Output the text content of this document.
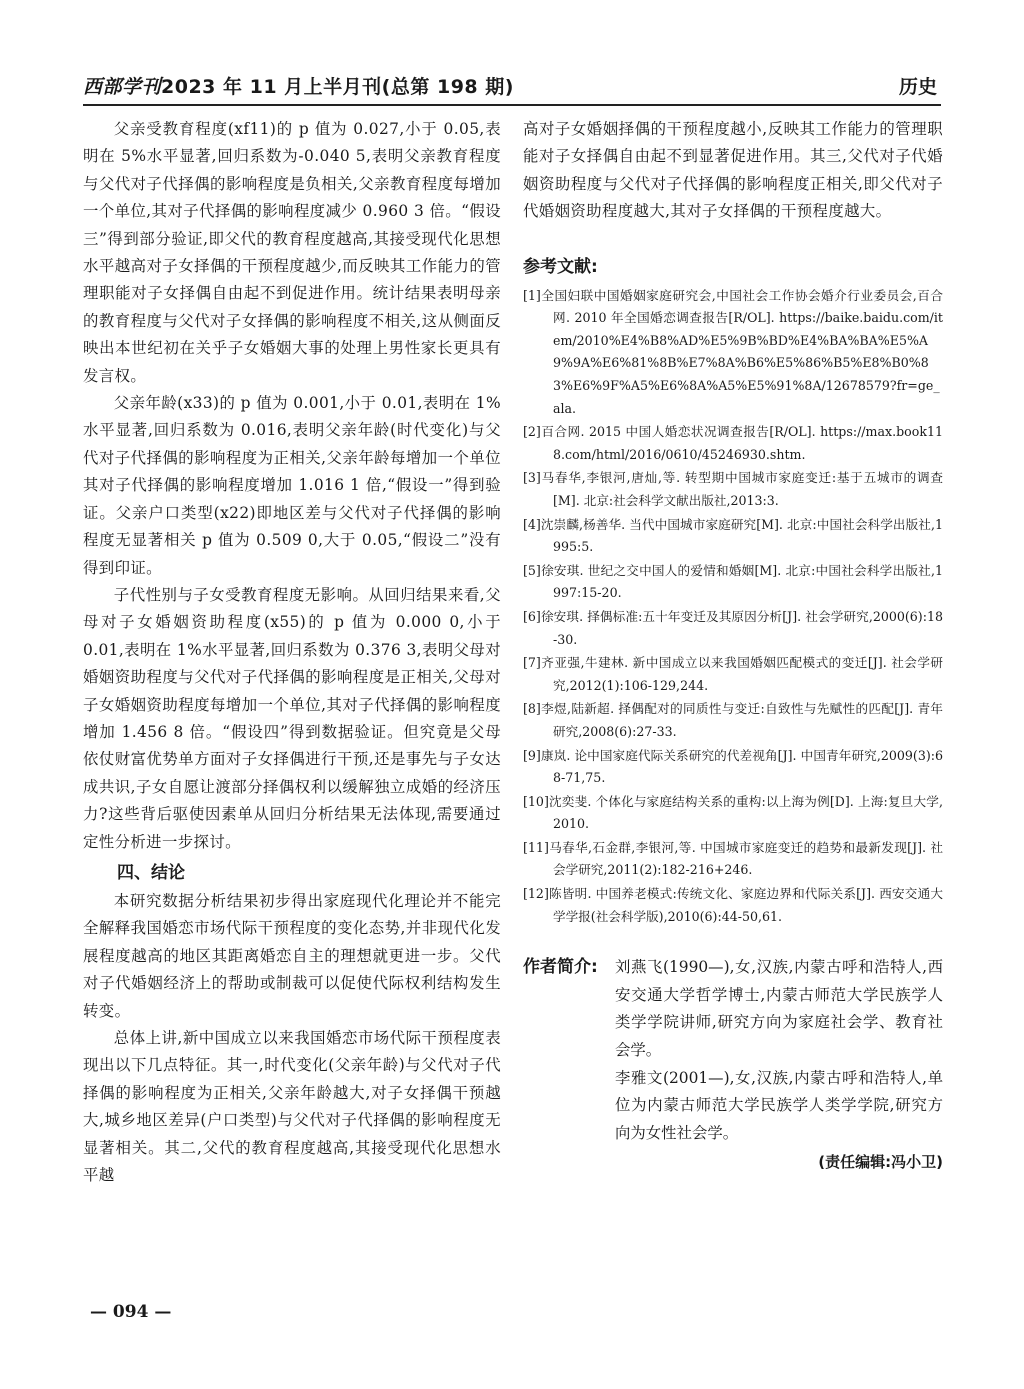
西部学刊2023 年 11 月上半月刊(总第 198 期)	历史

父亲受教育程度(xf11)的 p 值为 0.027,小于 0.05,表明在 5%水平显著,回归系数为-0.040 5,表明父亲教育程度与父代对子代择偶的影响程度是负相关,父亲教育程度每增加一个单位,其对子代择偶的影响程度减少 0.960 3 倍。“假设三”得到部分验证,即父代的教育程度越高,其接受现代化思想水平越高对子女择偶的干预程度越少,而反映其工作能力的管理职能对子女择偶自由起不到促进作用。统计结果表明母亲的教育程度与父代对子女择偶的影响程度不相关,这从侧面反映出本世纪初在关乎子女婚姻大事的处理上男性家长更具有发言权。

父亲年龄(x33)的 p 值为 0.001,小于 0.01,表明在 1%水平显著,回归系数为 0.016,表明父亲年龄(时代变化)与父代对子代择偶的影响程度为正相关,父亲年龄每增加一个单位其对子代择偶的影响程度增加 1.016 1 倍,“假设一”得到验证。父亲户口类型(x22)即地区差与父代对子代择偶的影响程度无显著相关 p 值为 0.509 0,大于 0.05,“假设二”没有得到印证。

子代性别与子女受教育程度无影响。从回归结果来看,父母对子女婚姻资助程度(x55)的 p 值为 0.000 0,小于 0.01,表明在 1%水平显著,回归系数为 0.376 3,表明父母对婚姻资助程度与父代对子代择偶的影响程度是正相关,父母对子女婚姻资助程度每增加一个单位,其对子代择偶的影响程度增加 1.456 8 倍。“假设四”得到数据验证。但究竟是父母依仗财富优势单方面对子女择偶进行干预,还是事先与子女达成共识,子女自愿让渡部分择偶权利以缓解独立成婚的经济压力?这些背后驱使因素单从回归分析结果无法体现,需要通过定性分析进一步探讨。

四、结论

本研究数据分析结果初步得出家庭现代化理论并不能完全解释我国婚恋市场代际干预程度的变化态势,并非现代化发展程度越高的地区其距离婚恋自主的理想就更进一步。父代对子代婚姻经济上的帮助或制裁可以促使代际权利结构发生转变。

总体上讲,新中国成立以来我国婚恋市场代际干预程度表现出以下几点特征。其一,时代变化(父亲年龄)与父代对子代择偶的影响程度为正相关,父亲年龄越大,对子女择偶干预越大,城乡地区差异(户口类型)与父代对子代择偶的影响程度无显著相关。其二,父代的教育程度越高,其接受现代化思想水平越

高对子女婚姻择偶的干预程度越小,反映其工作能力的管理职能对子女择偶自由起不到显著促进作用。其三,父代对子代婚姻资助程度与父代对子代择偶的影响程度正相关,即父代对子代婚姻资助程度越大,其对子女择偶的干预程度越大。

参考文献:

[1]全国妇联中国婚姻家庭研究会,中国社会工作协会婚介行业委员会,百合网. 2010 年全国婚恋调查报告[R/OL]. https://baike.baidu.com/item/2010%E4%B8%AD%E5%9B%BD%E4%BA%BA%E5%A9%9A%E6%81%8B%E7%8A%B6%E5%86%B5%E8%B0%83%E6%9F%A5%E6%8A%A5%E5%91%8A/12678579?fr=ge_ala.

[2]百合网. 2015 中国人婚恋状况调查报告[R/OL]. https://max.book118.com/html/2016/0610/45246930.shtm.

[3]马春华,李银河,唐灿,等. 转型期中国城市家庭变迁:基于五城市的调查[M]. 北京:社会科学文献出版社,2013:3.

[4]沈崇麟,杨善华. 当代中国城市家庭研究[M]. 北京:中国社会科学出版社,1995:5.

[5]徐安琪. 世纪之交中国人的爱情和婚姻[M]. 北京:中国社会科学出版社,1997:15-20.

[6]徐安琪. 择偶标准:五十年变迁及其原因分析[J]. 社会学研究,2000(6):18-30.

[7]齐亚强,牛建林. 新中国成立以来我国婚姻匹配模式的变迁[J]. 社会学研究,2012(1):106-129,244.

[8]李煜,陆新超. 择偶配对的同质性与变迁:自致性与先赋性的匹配[J]. 青年研究,2008(6):27-33.

[9]康岚. 论中国家庭代际关系研究的代差视角[J]. 中国青年研究,2009(3):68-71,75.

[10]沈奕斐. 个体化与家庭结构关系的重构:以上海为例[D]. 上海:复旦大学,2010.

[11]马春华,石金群,李银河,等. 中国城市家庭变迁的趋势和最新发现[J]. 社会学研究,2011(2):182-216+246.

[12]陈皆明. 中国养老模式:传统文化、家庭边界和代际关系[J]. 西安交通大学学报(社会科学版),2010(6):44-50,61.

作者简介: 刘燕飞(1990—),女,汉族,内蒙古呼和浩特人,西安交通大学哲学博士,内蒙古师范大学民族学人类学学院讲师,研究方向为家庭社会学、教育社会学。

李雅文(2001—),女,汉族,内蒙古呼和浩特人,单位为内蒙古师范大学民族学人类学学院,研究方向为女性社会学。

(责任编辑:冯小卫)
— 094 —
